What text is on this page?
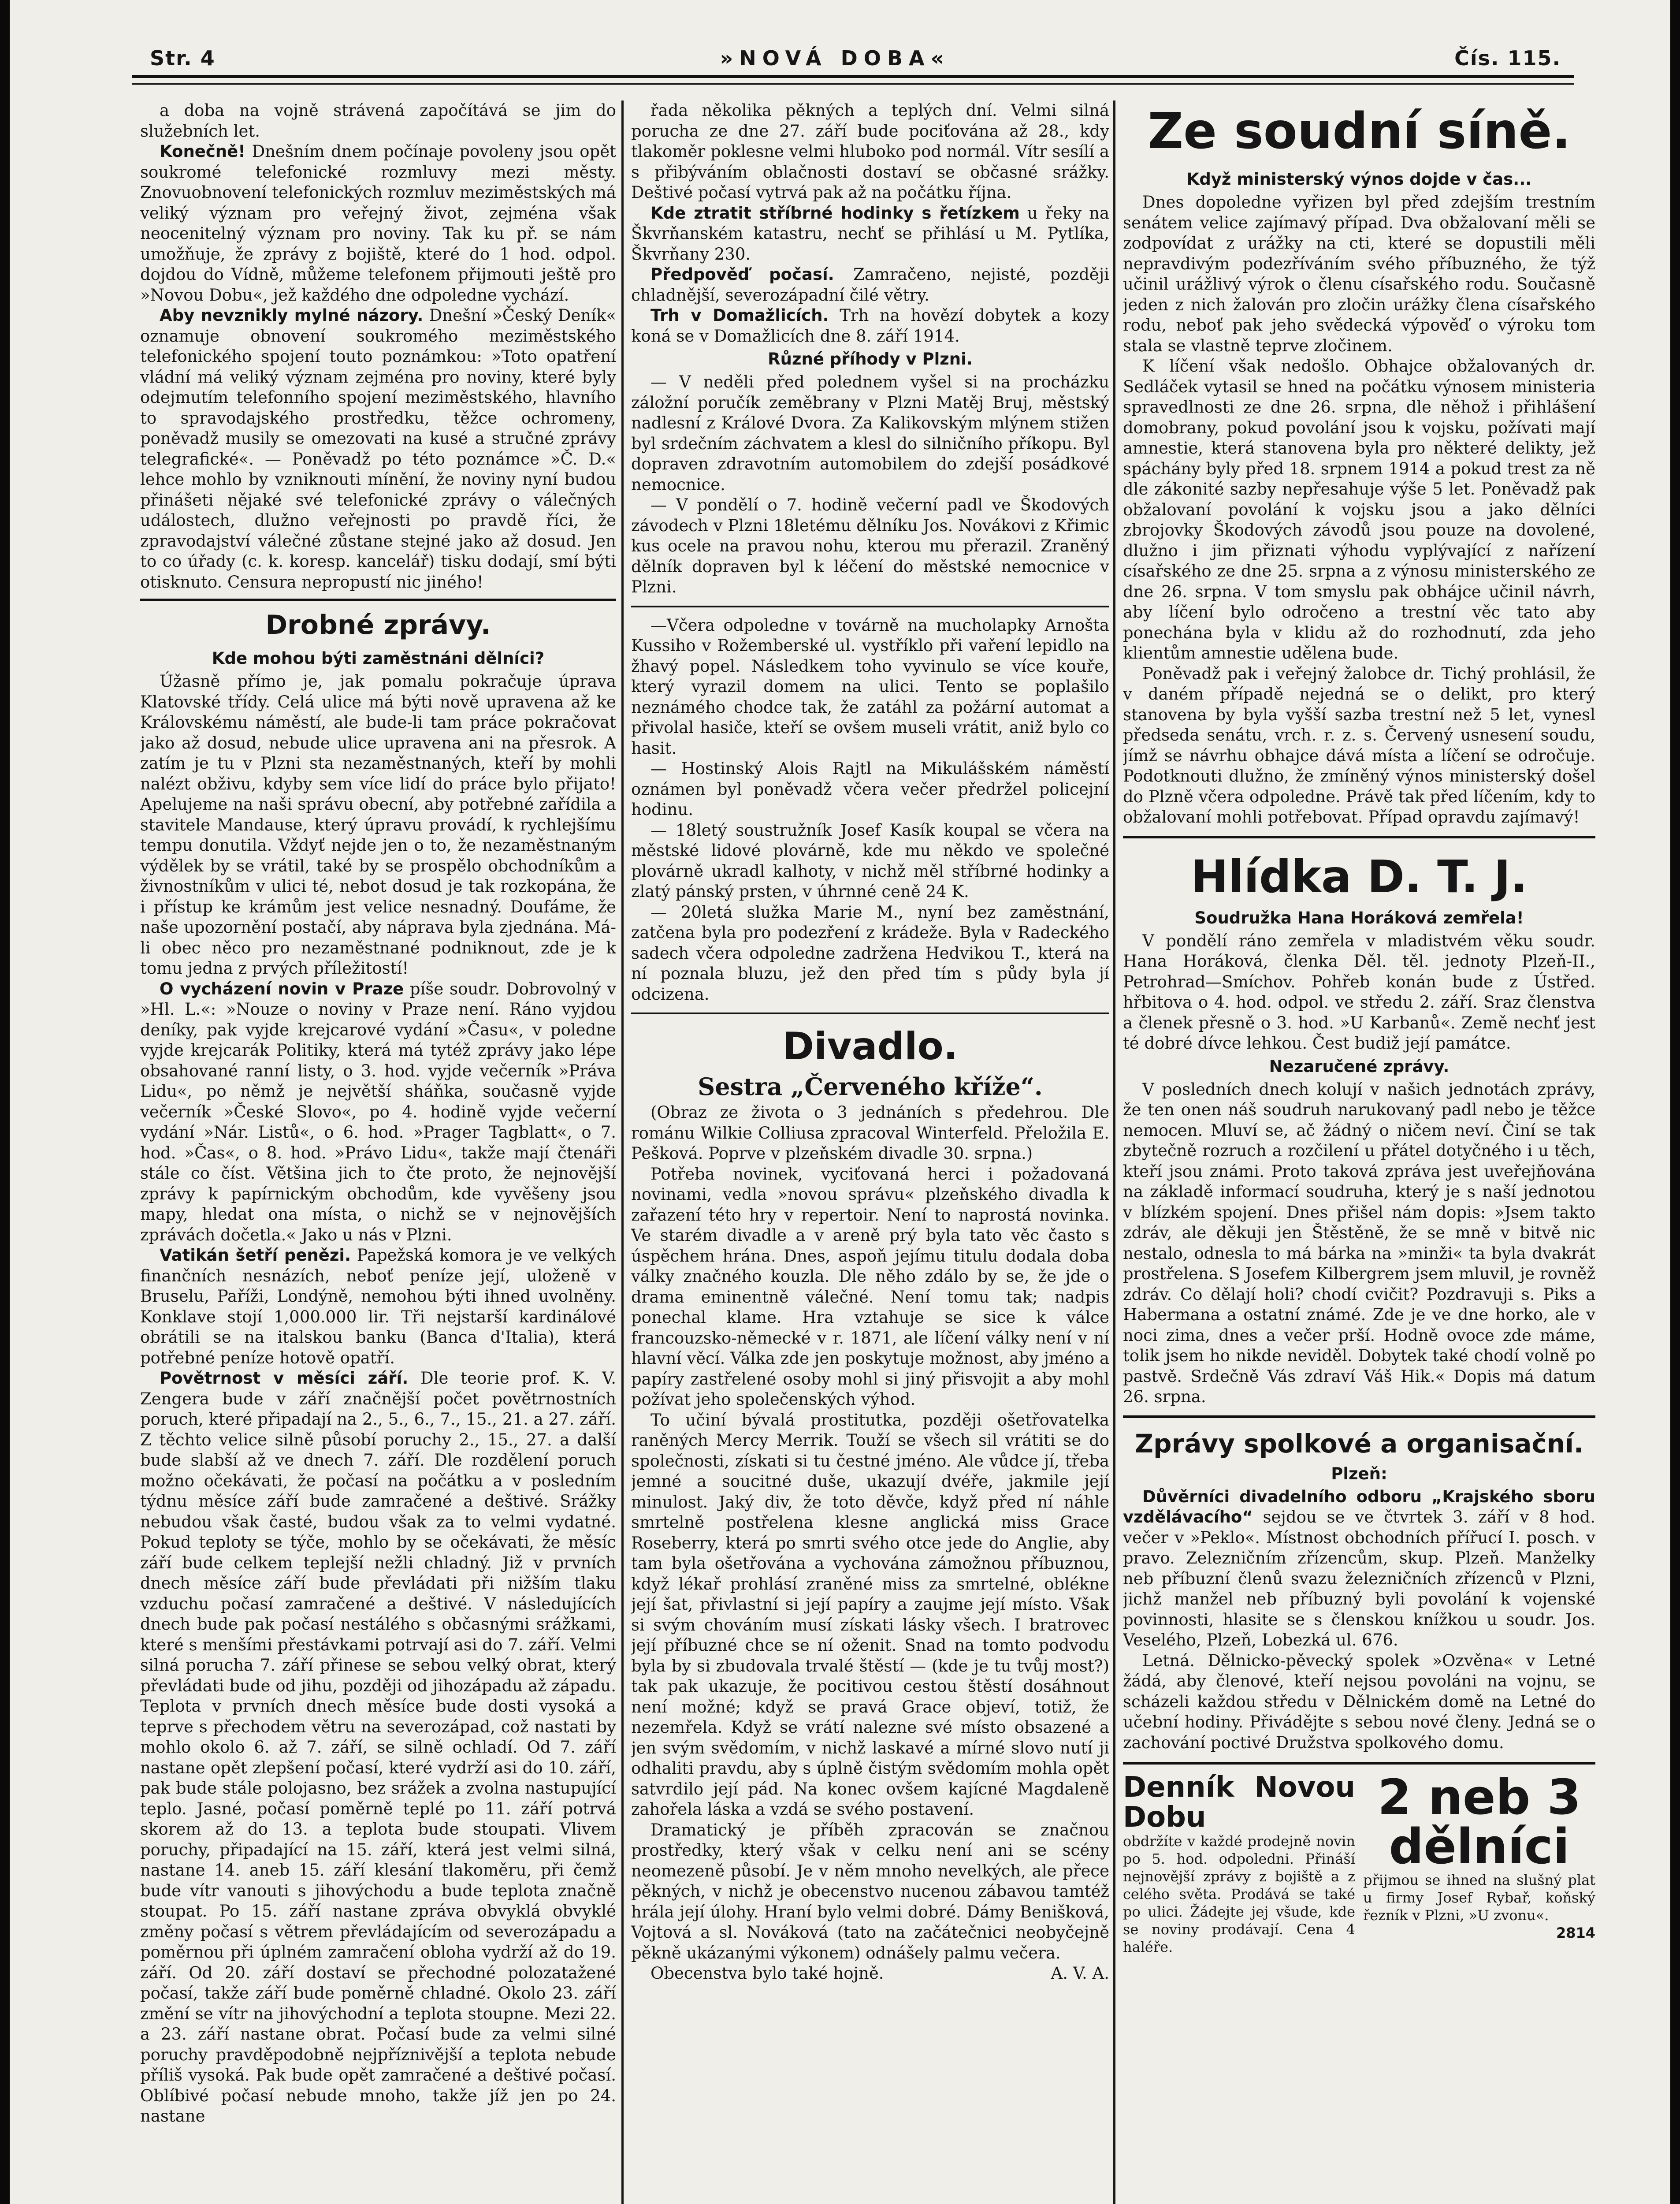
Str. 4	»NOVÁ DOBA«	Čís. 115.

a doba na vojně strávená započítává se jim do služebních let.

Konečně! Dnešním dnem počínaje povoleny jsou opět soukromé telefonické rozmluvy mezi městy. Znovuobnovení telefonických rozmluv meziměstských má veliký význam pro veřejný život, zejména však neocenitelný význam pro noviny. Tak ku př. se nám umožňuje, že zprávy z bojiště, které do 1 hod. odpol. dojdou do Vídně, můžeme telefonem přijmouti ještě pro »Novou Dobu«, jež každého dne odpoledne vychází.

Aby nevznikly mylné názory. Dnešní »Český Deník« oznamuje obnovení soukromého meziměstského telefonického spojení touto poznámkou: »Toto opatření vládní má veliký význam zejména pro noviny, které byly odejmutím telefonního spojení meziměstského, hlavního to spravodajského prostředku, těžce ochromeny, poněvadž musily se omezovati na kusé a stručné zprávy telegrafické«. — Poněvadž po této poznámce »Č. D.« lehce mohlo by vzniknouti mínění, že noviny nyní budou přinášeti nějaké své telefonické zprávy o válečných událostech, dlužno veřejnosti po pravdě říci, že zpravodajství válečné zůstane stejné jako až dosud. Jen to co úřady (c. k. koresp. kancelář) tisku dodají, smí býti otisknuto. Censura nepropustí nic jiného!

Drobné zprávy.
Kde mohou býti zaměstnáni dělníci?

Úžasně přímo je, jak pomalu pokračuje úprava Klatovské třídy. Celá ulice má býti nově upravena až ke Královskému náměstí, ale bude-li tam práce pokračovat jako až dosud, nebude ulice upravena ani na přesrok. A zatím je tu v Plzni sta nezaměstnaných, kteří by mohli nalézt obživu, kdyby sem více lidí do práce bylo přijato! Apelujeme na naši správu obecní, aby potřebné zařídila a stavitele Mandause, který úpravu provádí, k rychlejšímu tempu donutila. Vždyť nejde jen o to, že nezaměstnaným výdělek by se vrátil, také by se prospělo obchodníkům a živnostníkům v ulici té, nebot dosud je tak rozkopána, že i přístup ke krámům jest velice nesnadný. Doufáme, že naše upozornění postačí, aby náprava byla zjednána. Má-li obec něco pro nezaměstnané podniknout, zde je k tomu jedna z prvých příležitostí!

O vycházení novin v Praze píše soudr. Dobrovolný v »Hl. L.«: »Nouze o noviny v Praze není. Ráno vyjdou deníky, pak vyjde krejcarové vydání »Času«, v poledne vyjde krejcarák Politiky, která má tytéž zprávy jako lépe obsahované ranní listy, o 3. hod. vyjde večerník »Práva Lidu«, po němž je největší sháňka, současně vyjde večerník »České Slovo«, po 4. hodině vyjde večerní vydání »Nár. Listů«, o 6. hod. »Prager Tagblatt«, o 7. hod. »Čas«, o 8. hod. »Právo Lidu«, takže mají čtenáři stále co číst. Většina jich to čte proto, že nejnovější zprávy k papírnickým obchodům, kde vyvěšeny jsou mapy, hledat ona místa, o nichž se v nejnovějších zprávách dočetla.« Jako u nás v Plzni.

Vatikán šetří penězi. Papežská komora je ve velkých finančních nesnázích, neboť peníze její, uloženě v Bruselu, Paříži, Londýně, nemohou býti ihned uvolněny. Konklave stojí 1,000.000 lir. Tři nejstarší kardinálové obrátili se na italskou banku (Banca d'Italia), která potřebné peníze hotově opatří.

Povětrnost v měsíci září. Dle teorie prof. K. V. Zengera bude v září značnější počet povětrnostních poruch, které připadají na 2., 5., 6., 7., 15., 21. a 27. září. Z těchto velice silně působí poruchy 2., 15., 27. a další bude slabší až ve dnech 7. září. Dle rozdělení poruch možno očekávati, že počasí na počátku a v posledním týdnu měsíce září bude zamračené a deštivé. Srážky nebudou však časté, budou však za to velmi vydatné. Pokud teploty se týče, mohlo by se očekávati, že měsíc září bude celkem teplejší nežli chladný. Již v prvních dnech měsíce září bude převládati při nižším tlaku vzduchu počasí zamračené a deštivé. V následujících dnech bude pak počasí nestálého s občasnými srážkami, které s menšími přestávkami potrvají asi do 7. září. Velmi silná porucha 7. září přinese se sebou velký obrat, který převládati bude od jihu, později od jihozápadu až západu. Teplota v prvních dnech měsíce bude dosti vysoká a teprve s přechodem větru na severozápad, což nastati by mohlo okolo 6. až 7. září, se silně ochladí. Od 7. září nastane opět zlepšení počasí, které vydrží asi do 10. září, pak bude stále polojasno, bez srážek a zvolna nastupující teplo. Jasné, počasí poměrně teplé po 11. září potrvá skorem až do 13. a teplota bude stoupati. Vlivem poruchy, připadající na 15. září, která jest velmi silná, nastane 14. aneb 15. září klesání tlakoměru, při čemž bude vítr vanouti s jihovýchodu a bude teplota značně stoupat. Po 15. září nastane zpráva obvyklá obvyklé změny počasí s větrem převládajícím od severozápadu a poměrnou při úplném zamračení obloha vydrží až do 19. září. Od 20. září dostaví se přechodné polozatažené počasí, takže září bude poměrně chladné. Okolo 23. září změní se vítr na jihovýchodní a teplota stoupne. Mezi 22. a 23. září nastane obrat. Počasí bude za velmi silné poruchy pravděpodobně nejpříznivější a teplota nebude příliš vysoká. Pak bude opět zamračené a deštivé počasí. Oblíbivé počasí nebude mnoho, takže jíž jen po 24. nastane

řada několika pěkných a teplých dní. Velmi silná porucha ze dne 27. září bude pociťována až 28., kdy tlakoměr poklesne velmi hluboko pod normál. Vítr sesílí a s přibýváním oblačnosti dostaví se občasné srážky. Deštivé počasí vytrvá pak až na počátku října.

Kde ztratit stříbrné hodinky s řetízkem u řeky na Škvrňanském katastru, nechť se přihlásí u M. Pytlíka, Škvrňany 230.

Předpověď počasí. Zamračeno, nejisté, později chladnější, severozápadní čilé větry.

Trh v Domažlicích. Trh na hovězí dobytek a kozy koná se v Domažlicích dne 8. září 1914.

Různé příhody v Plzni.

— V neděli před polednem vyšel si na procházku záložní poručík zeměbrany v Plzni Matěj Bruj, městský nadlesní z Králové Dvora. Za Kalikovským mlýnem stižen byl srdečním záchvatem a klesl do silničního příkopu. Byl dopraven zdravotním automobilem do zdejší posádkové nemocnice.

— V pondělí o 7. hodině večerní padl ve Škodových závodech v Plzni 18letému dělníku Jos. Novákovi z Křimic kus ocele na pravou nohu, kterou mu přerazil. Zraněný dělník dopraven byl k léčení do městské nemocnice v Plzni.

—Včera odpoledne v továrně na mucholapky Arnošta Kussiho v Rožemberské ul. vystříklo při vaření lepidlo na žhavý popel. Následkem toho vyvinulo se více kouře, který vyrazil domem na ulici. Tento se poplašilo neznámého chodce tak, že zatáhl za požární automat a přivolal hasiče, kteří se ovšem museli vrátit, aniž bylo co hasit.

— Hostinský Alois Rajtl na Mikulášském náměstí oznámen byl poněvadž včera večer předržel policejní hodinu.

— 18letý soustružník Josef Kasík koupal se včera na městské lidové plovárně, kde mu někdo ve společné plovárně ukradl kalhoty, v nichž měl stříbrné hodinky a zlatý pánský prsten, v úhrnné ceně 24 K.

— 20letá služka Marie M., nyní bez zaměstnání, zatčena byla pro podezření z krádeže. Byla v Radeckého sadech včera odpoledne zadržena Hedvikou T., která na ní poznala bluzu, jež den před tím s půdy byla jí odcizena.

Divadlo.
Sestra „Červeného kříže“.

(Obraz ze života o 3 jednáních s předehrou. Dle románu Wilkie Colliusa zpracoval Winterfeld. Přeložila E. Pešková. Poprve v plzeňském divadle 30. srpna.)

Potřeba novinek, vyciťovaná herci i požadovaná novinami, vedla »novou správu« plzeňského divadla k zařazení této hry v repertoir. Není to naprostá novinka. Ve starém divadle a v areně prý byla tato věc často s úspěchem hrána. Dnes, aspoň jejímu titulu dodala doba války značného kouzla. Dle něho zdálo by se, že jde o drama eminentně válečné. Není tomu tak; nadpis ponechal klame. Hra vztahuje se sice k válce francouzsko-německé v r. 1871, ale líčení války není v ní hlavní věcí. Válka zde jen poskytuje možnost, aby jméno a papíry zastřelené osoby mohl si jiný přisvojit a aby mohl požívat jeho společenských výhod.

To učiní bývalá prostitutka, později ošetřovatelka raněných Mercy Merrik. Touží se všech sil vrátiti se do společnosti, získati si tu čestné jméno. Ale vůdce jí, třeba jemné a soucitné duše, ukazují dvéře, jakmile její minulost. Jaký div, že toto děvče, když před ní náhle smrtelně postřelena klesne anglická miss Grace Roseberry, která po smrti svého otce jede do Anglie, aby tam byla ošetřována a vychována zámožnou příbuznou, když lékař prohlásí zraněné miss za smrtelné, oblékne její šat, přivlastní si její papíry a zaujme její místo. Však si svým chováním musí získati lásky všech. I bratrovec její příbuzné chce se ní oženit. Snad na tomto podvodu byla by si zbudovala trvalé štěstí — (kde je tu tvůj most?) tak pak ukazuje, že pocitivou cestou štěstí dosáhnout není možné; když se pravá Grace objeví, totiž, že nezemřela. Když se vrátí nalezne své místo obsazené a jen svým svědomím, v nichž laskavé a mírné slovo nutí ji odhaliti pravdu, aby s úplně čistým svědomím mohla opět satvrdilo její pád. Na konec ovšem kajícné Magdaleně zahořela láska a vzdá se svého postavení.

Dramatický je příběh zpracován se značnou prostředky, který však v celku není ani se scény neomezeně působí. Je v něm mnoho nevelkých, ale přece pěkných, v nichž je obecenstvo nucenou zábavou tamtéž hrála její úlohy. Hraní bylo velmi dobré. Dámy Benišková, Vojtová a sl. Nováková (tato na začátečnici neobyčejně pěkně ukázanými výkonem) odnášely palmu večera.

Obecenstva bylo také hojně.	A. V. A.

Ze soudní síně.
Když ministerský výnos dojde v čas...

Dnes dopoledne vyřizen byl před zdejším trestním senátem velice zajímavý případ. Dva obžalovaní měli se zodpovídat z urážky na cti, které se dopustili měli nepravdivým podezříváním svého příbuzného, že týž učinil urážlivý výrok o členu císařského rodu. Současně jeden z nich žalován pro zločin urážky člena císařského rodu, neboť pak jeho svědecká výpověď o výroku tom stala se vlastně teprve zločinem.

K líčení však nedošlo. Obhajce obžalovaných dr. Sedláček vytasil se hned na počátku výnosem ministeria spravedlnosti ze dne 26. srpna, dle něhož i přihlášení domobrany, pokud povolání jsou k vojsku, požívati mají amnestie, která stanovena byla pro některé delikty, jež spáchány byly před 18. srpnem 1914 a pokud trest za ně dle zákonité sazby nepřesahuje výše 5 let. Poněvadž pak obžalovaní povolání k vojsku jsou a jako dělníci zbrojovky Škodových závodů jsou pouze na dovolené, dlužno i jim přiznati výhodu vyplývající z nařízení císařského ze dne 25. srpna a z výnosu ministerského ze dne 26. srpna. V tom smyslu pak obhájce učinil návrh, aby líčení bylo odročeno a trestní věc tato aby ponechána byla v klidu až do rozhodnutí, zda jeho klientům amnestie udělena bude.

Poněvadž pak i veřejný žalobce dr. Tichý prohlásil, že v daném případě nejedná se o delikt, pro který stanovena by byla vyšší sazba trestní než 5 let, vynesl předseda senátu, vrch. r. z. s. Červený usnesení soudu, jímž se návrhu obhajce dává místa a líčení se odročuje. Podotknouti dlužno, že zmíněný výnos ministerský došel do Plzně včera odpoledne. Právě tak před líčením, kdy to obžalovaní mohli potřebovat. Případ opravdu zajímavý!

Hlídka D. T. J.
Soudružka Hana Horáková zemřela!

V pondělí ráno zemřela v mladistvém věku soudr. Hana Horáková, členka Děl. těl. jednoty Plzeň-II., Petrohrad—Smíchov. Pohřeb konán bude z Ústřed. hřbitova o 4. hod. odpol. ve středu 2. září. Sraz členstva a členek přesně o 3. hod. »U Karbanů«. Země nechť jest té dobré dívce lehkou. Čest budiž její památce.

Nezaručené zprávy.

V posledních dnech kolují v našich jednotách zprávy, že ten onen náš soudruh narukovaný padl nebo je těžce nemocen. Mluví se, ač žádný o ničem neví. Činí se tak zbytečně rozruch a rozčilení u přátel dotyčného i u těch, kteří jsou známi. Proto taková zpráva jest uveřejňována na základě informací soudruha, který je s naší jednotou v blízkém spojení. Dnes přišel nám dopis: »Jsem takto zdráv, ale děkuji jen Štěstěně, že se mně v bitvě nic nestalo, odnesla to má bárka na »minži« ta byla dvakrát prostřelena. S Josefem Kilbergrem jsem mluvil, je rovněž zdráv. Co dělají holi? chodí cvičit? Pozdravuji s. Piks a Habermana a ostatní známé. Zde je ve dne horko, ale v noci zima, dnes a večer prší. Hodně ovoce zde máme, tolik jsem ho nikde neviděl. Dobytek také chodí volně po pastvě. Srdečně Vás zdraví Váš Hik.« Dopis má datum 26. srpna.

Zprávy spolkové a organisační.
Plzeň:

Důvěrníci divadelního odboru „Krajského sboru vzdělávacího“ sejdou se ve čtvrtek 3. září v 8 hod. večer v »Peklo«. Místnost obchodních přířucí I. posch. v pravo. Zelezničním zřízencům, skup. Plzeň. Manželky neb příbuzní členů svazu železničních zřízenců v Plzni, jichž manžel neb příbuzný byli povolání k vojenské povinnosti, hlasite se s členskou knížkou u soudr. Jos. Veselého, Plzeň, Lobezká ul. 676.

Letná. Dělnicko-pěvecký spolek »Ozvěna« v Letné žádá, aby členové, kteří nejsou povoláni na vojnu, se scházeli každou středu v Dělnickém domě na Letné do učební hodiny. Přivádějte s sebou nové členy. Jedná se o zachování poctivé Družstva spolkového domu.

Denník Novou Dobu
obdržíte v každé prodejně novin po 5. hod. odpoledni. Přináší nejnovější zprávy z bojiště a z celého světa. Prodává se také po ulici. Žádejte jej všude, kde se noviny prodávají. Cena 4 haléře.
2 neb 3 dělníci
přijmou se ihned na slušný plat u firmy Josef Rybař, koňský řezník v Plzni, »U zvonu«.
2814
